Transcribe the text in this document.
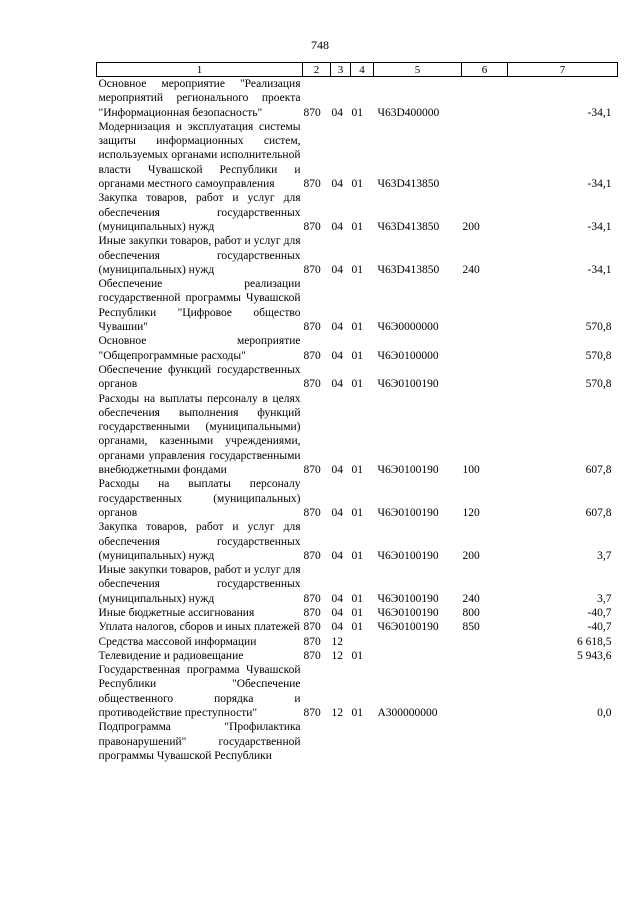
748
1	2	3	4	5	6	7
Основное мероприятие "Реализация мероприятий регионального проекта "Информационная безопасность"	870	04	01	Ч63D400000		-34,1
Модернизация и эксплуатация системы защиты информационных систем, используемых органами исполнительной власти Чувашской Республики и органами местного самоуправления	870	04	01	Ч63D413850		-34,1
Закупка товаров, работ и услуг для обеспечения государственных (муниципальных) нужд	870	04	01	Ч63D413850	200	-34,1
Иные закупки товаров, работ и услуг для обеспечения государственных (муниципальных) нужд	870	04	01	Ч63D413850	240	-34,1
Обеспечение реализации государственной программы Чувашской Республики "Цифровое общество Чувашии"	870	04	01	Ч6Э0000000		570,8
Основное мероприятие "Общепрограммные расходы"	870	04	01	Ч6Э0100000		570,8
Обеспечение функций государственных органов	870	04	01	Ч6Э0100190		570,8
Расходы на выплаты персоналу в целях обеспечения выполнения функций государственными (муниципальными) органами, казенными учреждениями, органами управления государственными внебюджетными фондами	870	04	01	Ч6Э0100190	100	607,8
Расходы на выплаты персоналу государственных (муниципальных) органов	870	04	01	Ч6Э0100190	120	607,8
Закупка товаров, работ и услуг для обеспечения государственных (муниципальных) нужд	870	04	01	Ч6Э0100190	200	3,7
Иные закупки товаров, работ и услуг для обеспечения государственных (муниципальных) нужд	870	04	01	Ч6Э0100190	240	3,7
Иные бюджетные ассигнования	870	04	01	Ч6Э0100190	800	-40,7
Уплата налогов, сборов и иных платежей	870	04	01	Ч6Э0100190	850	-40,7
Средства массовой информации	870	12				6 618,5
Телевидение и радиовещание	870	12	01			5 943,6
Государственная программа Чувашской Республики "Обеспечение общественного порядка и противодействие преступности"	870	12	01	А300000000		0,0
Подпрограмма "Профилактика правонарушений" государственной программы Чувашской Республики						
